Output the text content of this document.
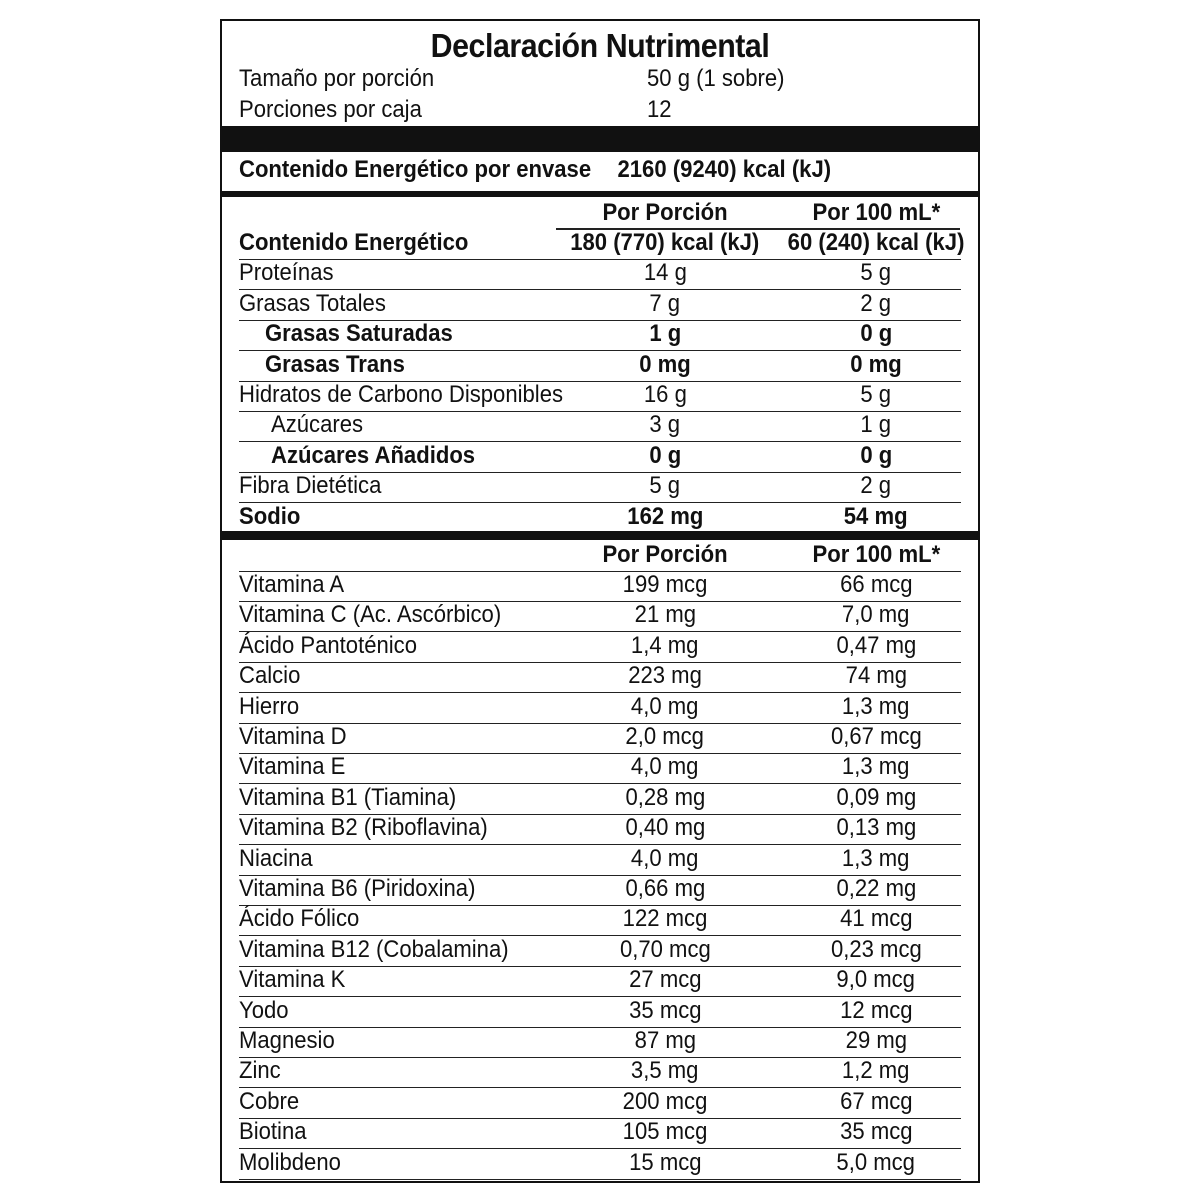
Declaración Nutrimental
Tamaño por porción	50 g (1 sobre)
Porciones por caja	12
Contenido Energético por envase 2160 (9240) kcal (kJ)
Por Porción	Por 100 mL*
Contenido Energético	180 (770) kcal (kJ)	60 (240) kcal (kJ)
Proteínas	14 g	5 g
Grasas Totales	7 g	2 g
Grasas Saturadas	1 g	0 g
Grasas Trans	0 mg	0 mg
Hidratos de Carbono Disponibles	16 g	5 g
Azúcares	3 g	1 g
Azúcares Añadidos	0 g	0 g
Fibra Dietética	5 g	2 g
Sodio	162 mg	54 mg
Por Porción	Por 100 mL*
Vitamina A	199 mcg	66 mcg
Vitamina C (Ac. Ascórbico)	21 mg	7,0 mg
Ácido Pantoténico	1,4 mg	0,47 mg
Calcio	223 mg	74 mg
Hierro	4,0 mg	1,3 mg
Vitamina D	2,0 mcg	0,67 mcg
Vitamina E	4,0 mg	1,3 mg
Vitamina B1 (Tiamina)	0,28 mg	0,09 mg
Vitamina B2 (Riboflavina)	0,40 mg	0,13 mg
Niacina	4,0 mg	1,3 mg
Vitamina B6 (Piridoxina)	0,66 mg	0,22 mg
Ácido Fólico	122 mcg	41 mcg
Vitamina B12 (Cobalamina)	0,70 mcg	0,23 mcg
Vitamina K	27 mcg	9,0 mcg
Yodo	35 mcg	12 mcg
Magnesio	87 mg	29 mg
Zinc	3,5 mg	1,2 mg
Cobre	200 mcg	67 mcg
Biotina	105 mcg	35 mcg
Molibdeno	15 mcg	5,0 mcg
